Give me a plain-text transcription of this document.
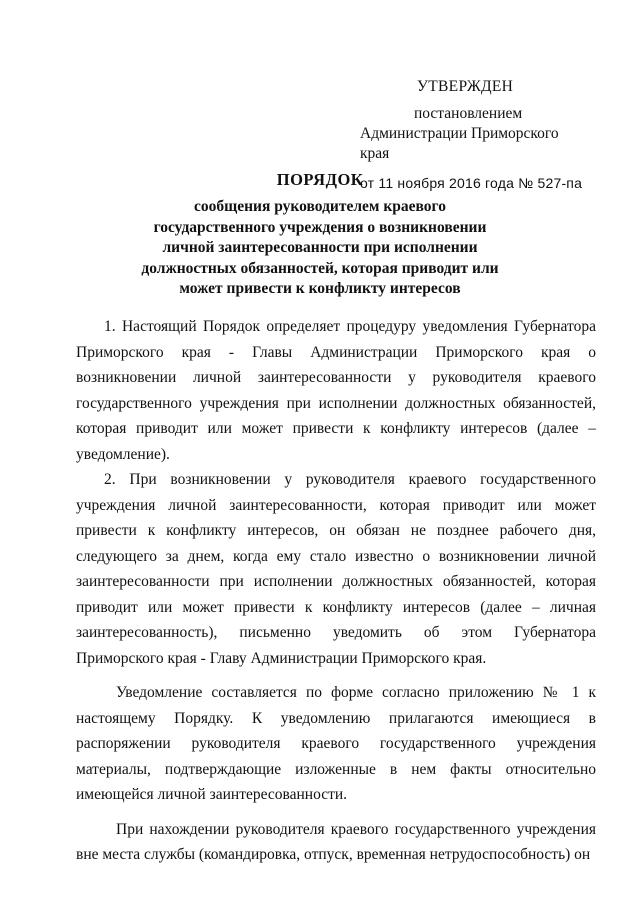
УТВЕРЖДЕН
постановлением
Администрации Приморского края
от 11 ноября 2016 года № 527-па
ПОРЯДОК
сообщения руководителем краевого
государственного учреждения о возникновении
личной заинтересованности при исполнении
должностных обязанностей, которая приводит или
может привести к конфликту интересов

1. Настоящий Порядок определяет процедуру уведомления Губернатора Приморского края - Главы Администрации Приморского края о возникновении личной заинтересованности у руководителя краевого государственного учреждения при исполнении должностных обязанностей, которая приводит или может привести к конфликту интересов (далее – уведомление).

2. При возникновении у руководителя краевого государственного учреждения личной заинтересованности, которая приводит или может привести к конфликту интересов, он обязан не позднее рабочего дня, следующего за днем, когда ему стало известно о возникновении личной заинтересованности при исполнении должностных обязанностей, которая приводит или может привести к конфликту интересов (далее – личная заинтересованность), письменно уведомить об этом Губернатора Приморского края - Главу Администрации Приморского края.

Уведомление составляется по форме согласно приложению № 1 к настоящему Порядку. К уведомлению прилагаются имеющиеся в распоряжении руководителя краевого государственного учреждения материалы, подтверждающие изложенные в нем факты относительно имеющейся личной заинтересованности.

При нахождении руководителя краевого государственного учреждения вне места службы (командировка, отпуск, временная нетрудоспособность) он
